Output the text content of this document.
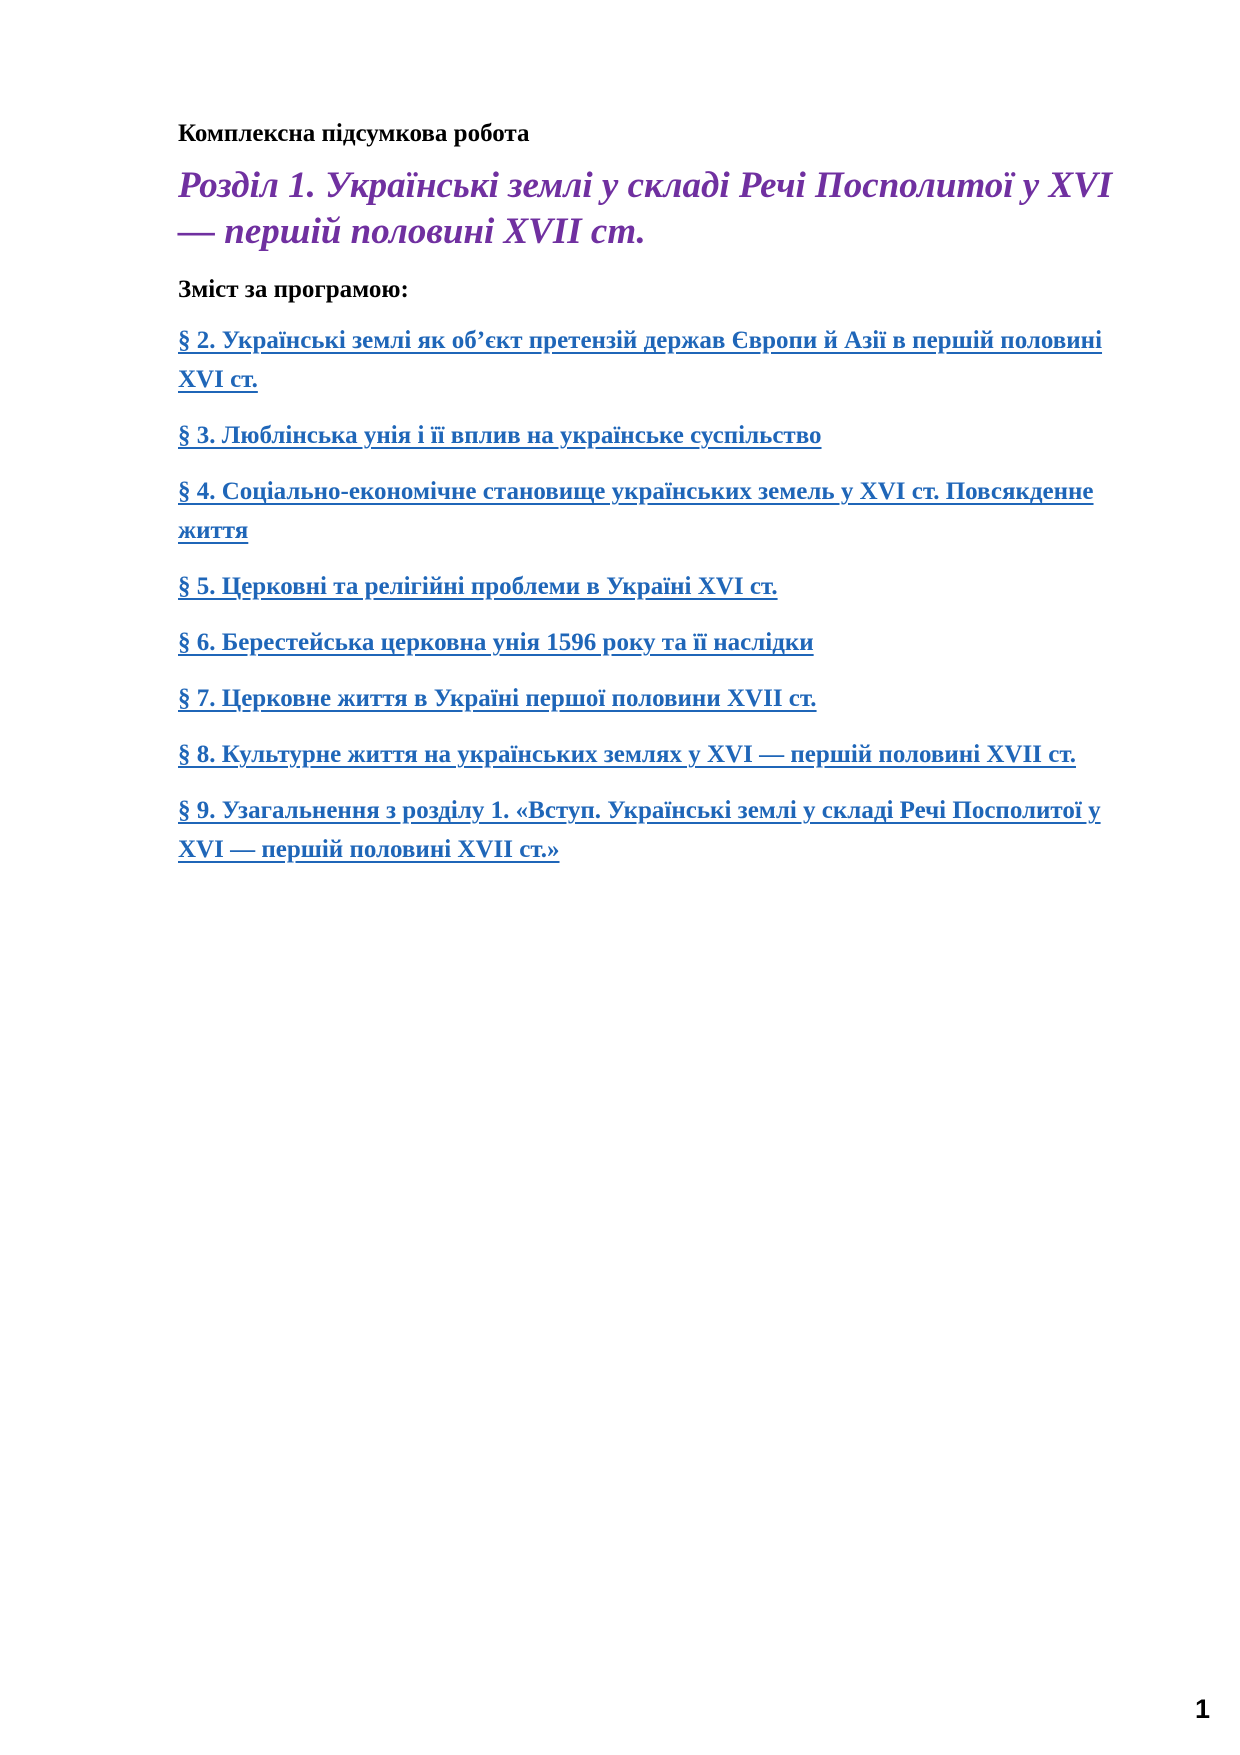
Комплексна підсумкова робота
Розділ 1. Українські землі у складі Речі Посполитої у XVI — першій половині XVII ст.
Зміст за програмою:
§ 2. Українські землі як об’єкт претензій держав Європи й Азії в першій половині XVI ст.
§ 3. Люблінська унія і її вплив на українське суспільство
§ 4. Соціально-економічне становище українських земель у XVI ст. Повсякденне життя
§ 5. Церковні та релігійні проблеми в Україні XVI ст.
§ 6. Берестейська церковна унія 1596 року та її наслідки
§ 7. Церковне життя в Україні першої половини XVII ст.
§ 8. Культурне життя на українських землях у XVI — першій половині XVII ст.
§ 9. Узагальнення з розділу 1. «Вступ. Українські землі у складі Речі Посполитої у XVI — першій половині XVII ст.»
1
